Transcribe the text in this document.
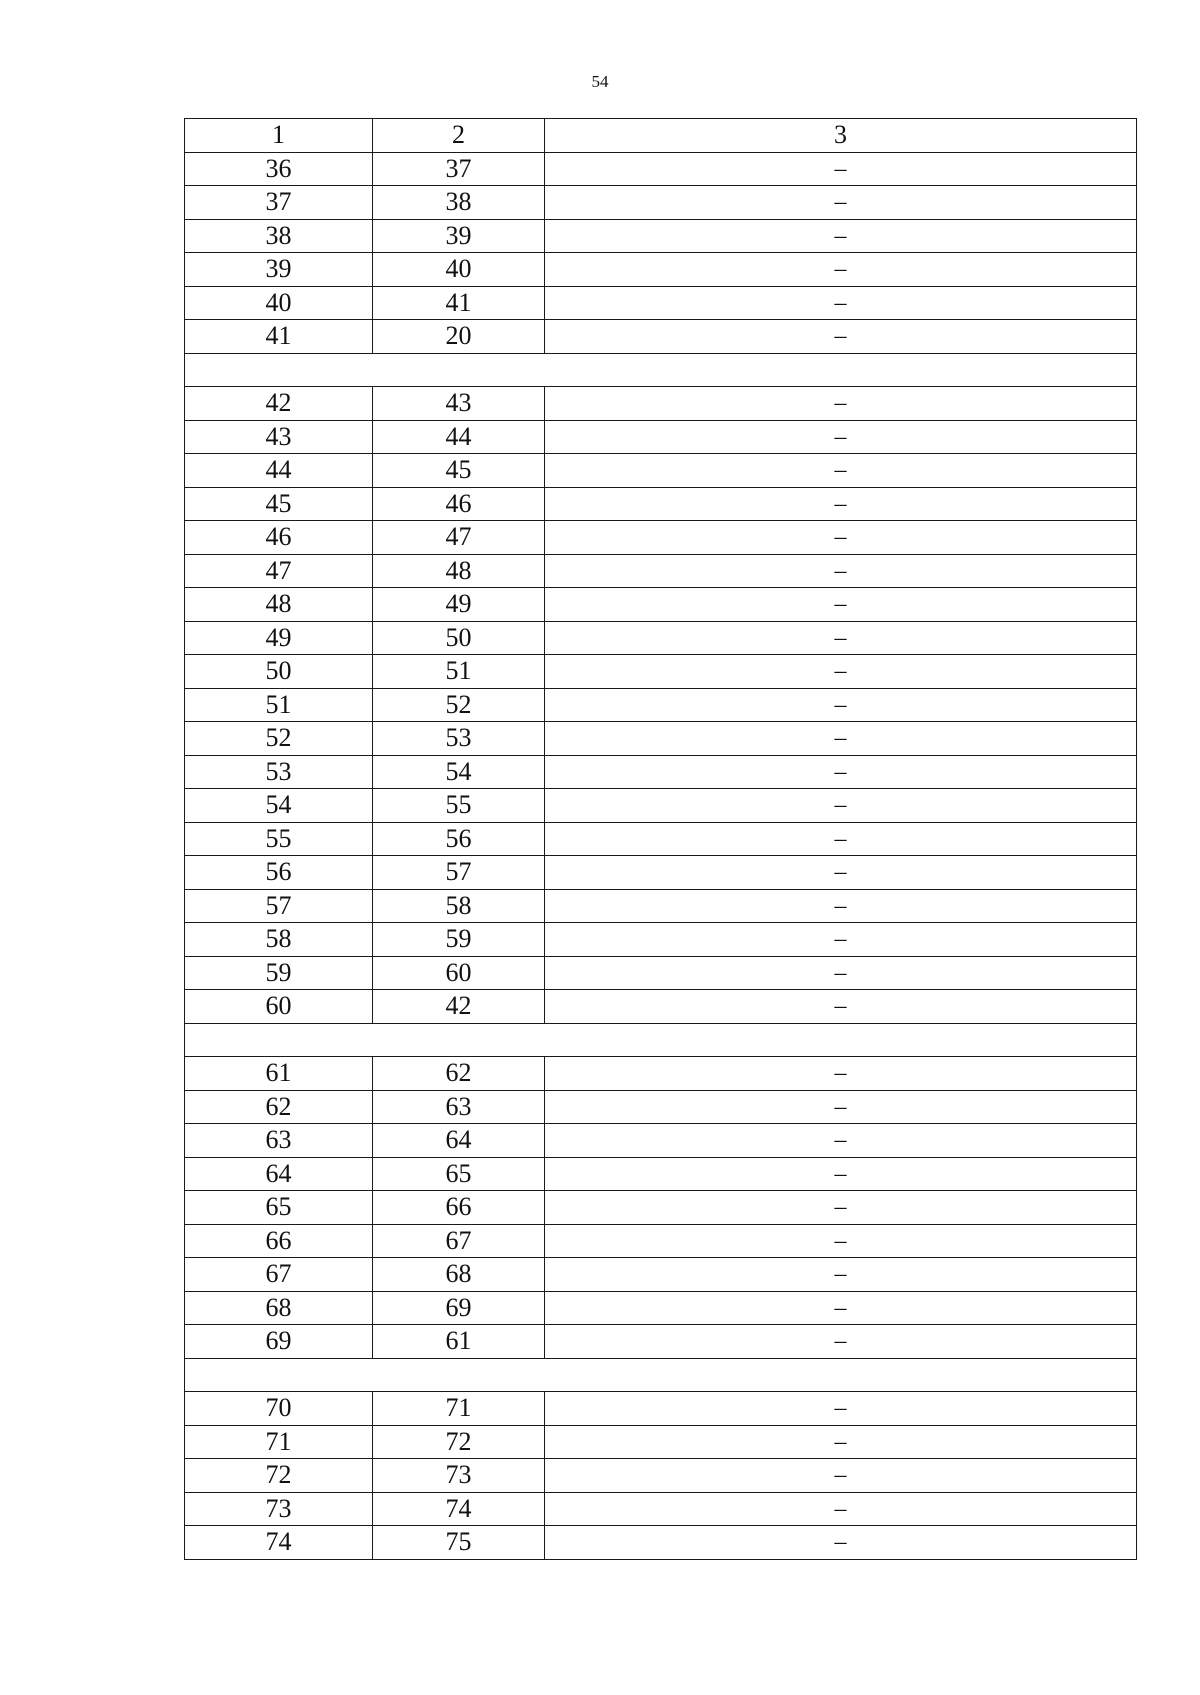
54
1	2	3
36	37	–
37	38	–
38	39	–
39	40	–
40	41	–
41	20	–

42	43	–
43	44	–
44	45	–
45	46	–
46	47	–
47	48	–
48	49	–
49	50	–
50	51	–
51	52	–
52	53	–
53	54	–
54	55	–
55	56	–
56	57	–
57	58	–
58	59	–
59	60	–
60	42	–

61	62	–
62	63	–
63	64	–
64	65	–
65	66	–
66	67	–
67	68	–
68	69	–
69	61	–

70	71	–
71	72	–
72	73	–
73	74	–
74	75	–
